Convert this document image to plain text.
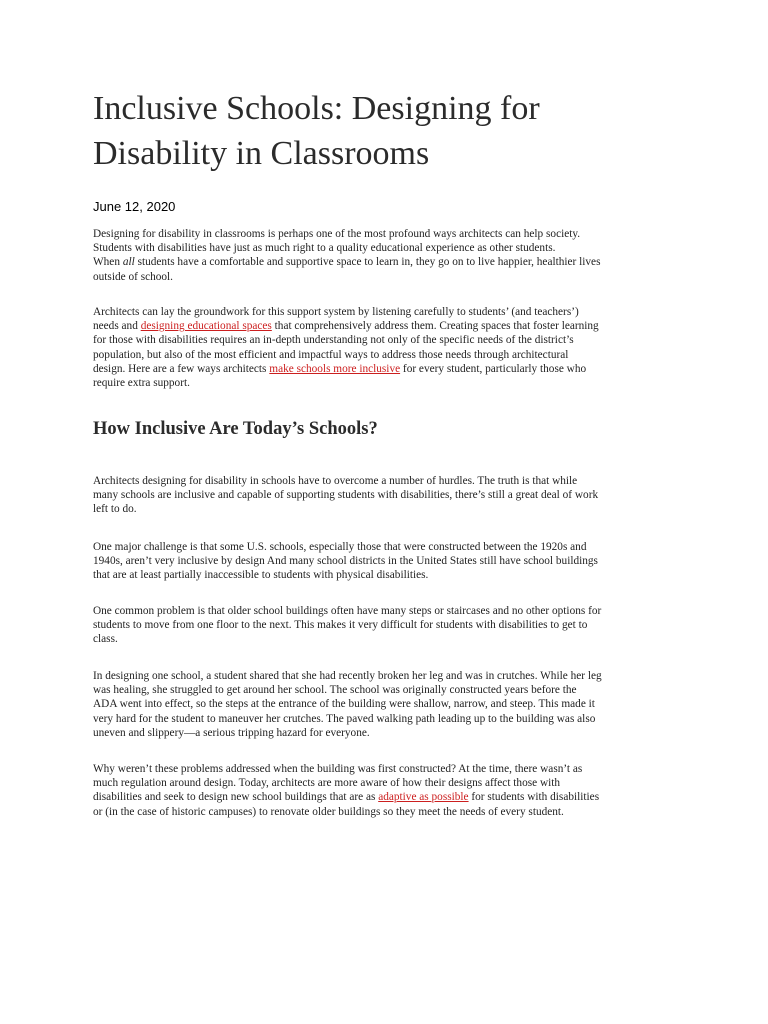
Inclusive Schools: Designing for
Disability in Classrooms
June 12, 2020

Designing for disability in classrooms is perhaps one of the most profound ways architects can help society.
Students with disabilities have just as much right to a quality educational experience as other students.
When all students have a comfortable and supportive space to learn in, they go on to live happier, healthier lives
outside of school.

Architects can lay the groundwork for this support system by listening carefully to students’ (and teachers’)
needs and designing educational spaces that comprehensively address them. Creating spaces that foster learning
for those with disabilities requires an in-depth understanding not only of the specific needs of the district’s
population, but also of the most efficient and impactful ways to address those needs through architectural
design. Here are a few ways architects make schools more inclusive for every student, particularly those who
require extra support.

How Inclusive Are Today’s Schools?

Architects designing for disability in schools have to overcome a number of hurdles. The truth is that while
many schools are inclusive and capable of supporting students with disabilities, there’s still a great deal of work
left to do.

One major challenge is that some U.S. schools, especially those that were constructed between the 1920s and
1940s, aren’t very inclusive by design And many school districts in the United States still have school buildings
that are at least partially inaccessible to students with physical disabilities.

One common problem is that older school buildings often have many steps or staircases and no other options for
students to move from one floor to the next. This makes it very difficult for students with disabilities to get to
class.

In designing one school, a student shared that she had recently broken her leg and was in crutches. While her leg
was healing, she struggled to get around her school. The school was originally constructed years before the
ADA went into effect, so the steps at the entrance of the building were shallow, narrow, and steep. This made it
very hard for the student to maneuver her crutches. The paved walking path leading up to the building was also
uneven and slippery—a serious tripping hazard for everyone.

Why weren’t these problems addressed when the building was first constructed? At the time, there wasn’t as
much regulation around design. Today, architects are more aware of how their designs affect those with
disabilities and seek to design new school buildings that are as adaptive as possible for students with disabilities
or (in the case of historic campuses) to renovate older buildings so they meet the needs of every student.
